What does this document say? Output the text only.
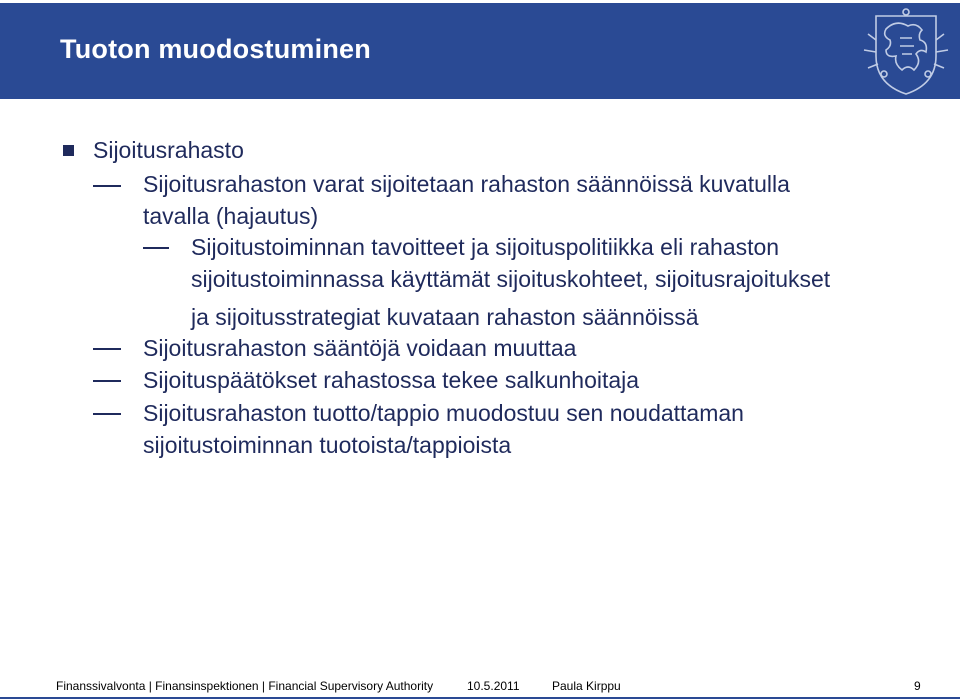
Tuoton muodostuminen
Sijoitusrahasto
Sijoitusrahaston varat sijoitetaan rahaston säännöissä kuvatulla
tavalla (hajautus)
Sijoitustoiminnan tavoitteet ja sijoituspolitiikka eli rahaston
sijoitustoiminnassa käyttämät sijoituskohteet, sijoitusrajoitukset
ja sijoitusstrategiat kuvataan rahaston säännöissä
Sijoitusrahaston sääntöjä voidaan muuttaa
Sijoituspäätökset rahastossa tekee salkunhoitaja
Sijoitusrahaston tuotto/tappio muodostuu sen noudattaman
sijoitustoiminnan tuotoista/tappioista
Finanssivalvonta | Finansinspektionen | Financial Supervisory Authority	10.5.2011	Paula Kirppu	9
